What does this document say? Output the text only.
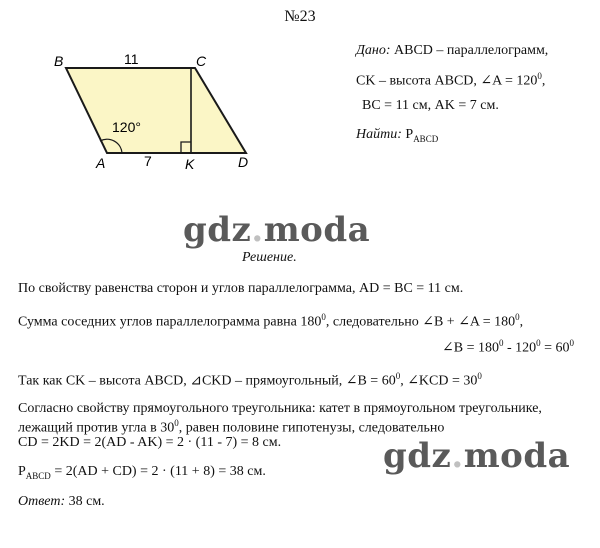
№23
B	C
A	K	D
11
7
120°
Дано: ABCD – параллелограмм,
CK – высота ABCD, ∠A = $120^0$,
BC = 11 см, AK = 7 см.
Найти: $P_{ABCD}$
gdz.moda
gdz.moda
Решение.
По свойству равенства сторон и углов параллелограмма, AD = BC = 11 см.
Сумма соседних углов параллелограмма равна $180^0$, следовательно ∠B + ∠A = $180^0$,
∠B = $180^0 - 120^0 = 60^0$
Так как CK – высота ABCD, ⊿CKD – прямоугольный, ∠B = $60^0$, ∠KCD = $30^0$
Согласно свойству прямоугольного треугольника: катет в прямоугольном треугольнике,
лежащий против угла в $30^0$, равен половине гипотенузы, следовательно
CD = 2KD = 2(AD - AK) = 2 · (11 - 7) = 8 см.
$P_{ABCD} = 2(AD + CD) = 2 \cdot (11 + 8) = 38$ см.
Ответ: 38 см.
